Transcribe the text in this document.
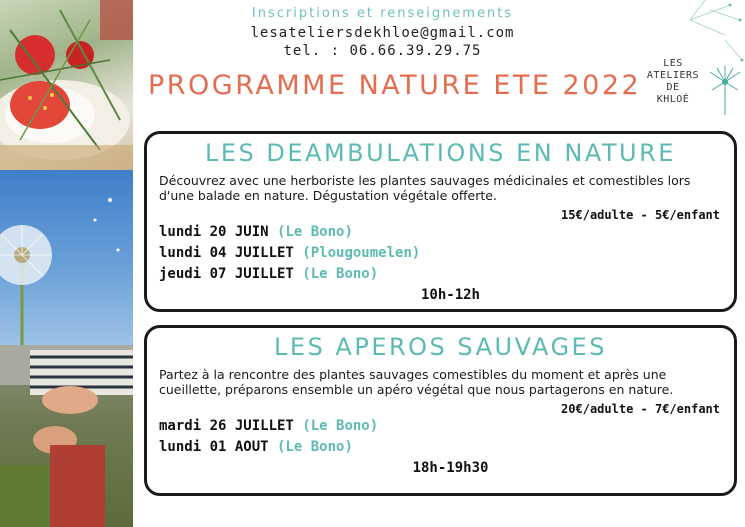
Inscriptions et renseignements
lesateliersdekhloe@gmail.com
tel. : 06.66.39.29.75
PROGRAMME NATURE ETE 2022
LES ATELIERS
DE
KHLOÉ
LES DEAMBULATIONS EN NATURE
Découvrez avec une herboriste les plantes sauvages médicinales et comestibles lors d'une balade en nature. Dégustation végétale offerte.
15€/adulte - 5€/enfant
lundi 20 JUIN (Le Bono)
lundi 04 JUILLET (Plougoumelen)
jeudi 07 JUILLET (Le Bono)
10h-12h
LES APEROS SAUVAGES
Partez à la rencontre des plantes sauvages comestibles du moment et après une cueillette, préparons ensemble un apéro végétal que nous partagerons en nature.
20€/adulte - 7€/enfant
mardi 26 JUILLET (Le Bono)
lundi 01 AOUT (Le Bono)
18h-19h30
